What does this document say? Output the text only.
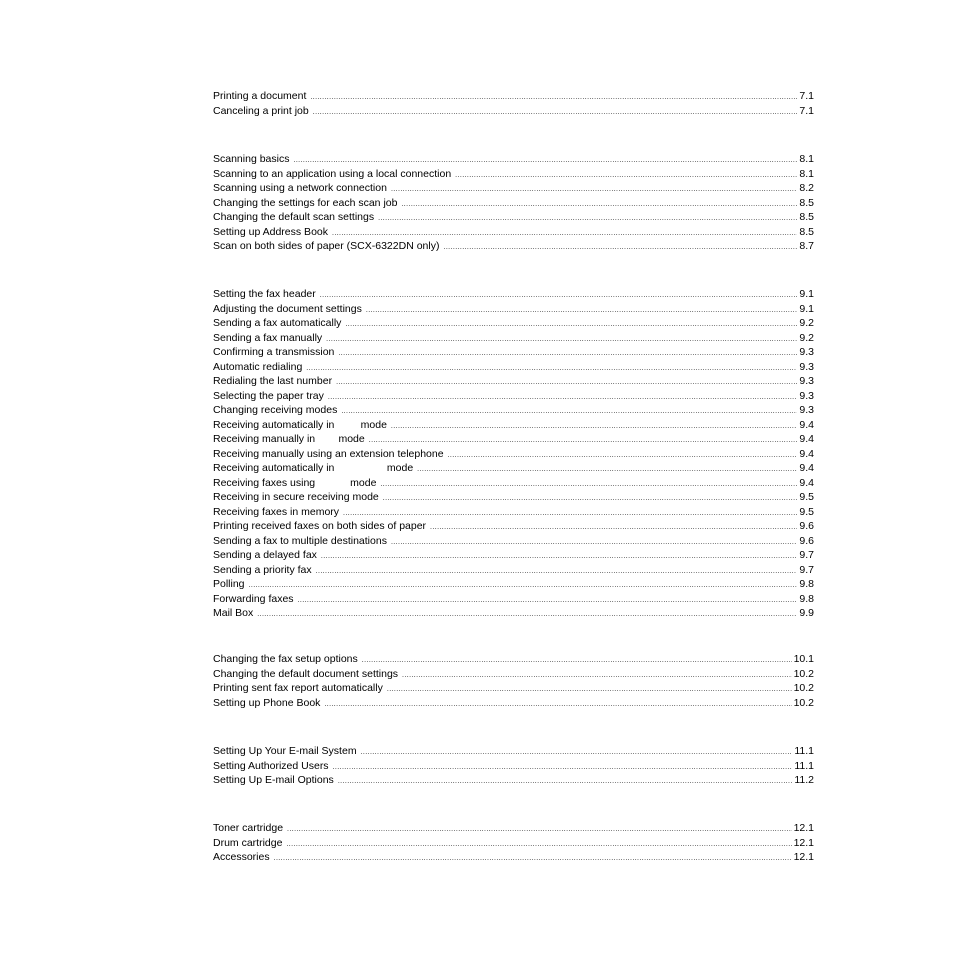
Printing a document .....	7.1
Canceling a print job .....	7.1
Scanning basics .....	8.1
Scanning to an application using a local connection .....	8.1
Scanning using a network connection .....	8.2
Changing the settings for each scan job .....	8.5
Changing the default scan settings .....	8.5
Setting up Address Book .....	8.5
Scan on both sides of paper (SCX-6322DN only) .....	8.7
Setting the fax header .....	9.1
Adjusting the document settings .....	9.1
Sending a fax automatically .....	9.2
Sending a fax manually .....	9.2
Confirming a transmission .....	9.3
Automatic redialing .....	9.3
Redialing the last number .....	9.3
Selecting the paper tray .....	9.3
Changing receiving modes .....	9.3
Receiving automatically in         mode .....	9.4
Receiving manually in        mode .....	9.4
Receiving manually using an extension telephone .....	9.4
Receiving automatically in                  mode .....	9.4
Receiving faxes using            mode .....	9.4
Receiving in secure receiving mode .....	9.5
Receiving faxes in memory .....	9.5
Printing received faxes on both sides of paper .....	9.6
Sending a fax to multiple destinations .....	9.6
Sending a delayed fax .....	9.7
Sending a priority fax .....	9.7
Polling .....	9.8
Forwarding faxes .....	9.8
Mail Box .....	9.9
Changing the fax setup options .....	10.1
Changing the default document settings .....	10.2
Printing sent fax report automatically .....	10.2
Setting up Phone Book .....	10.2
Setting Up Your E-mail System .....	11.1
Setting Authorized Users .....	11.1
Setting Up E-mail Options .....	11.2
Toner cartridge .....	12.1
Drum cartridge .....	12.1
Accessories .....	12.1
